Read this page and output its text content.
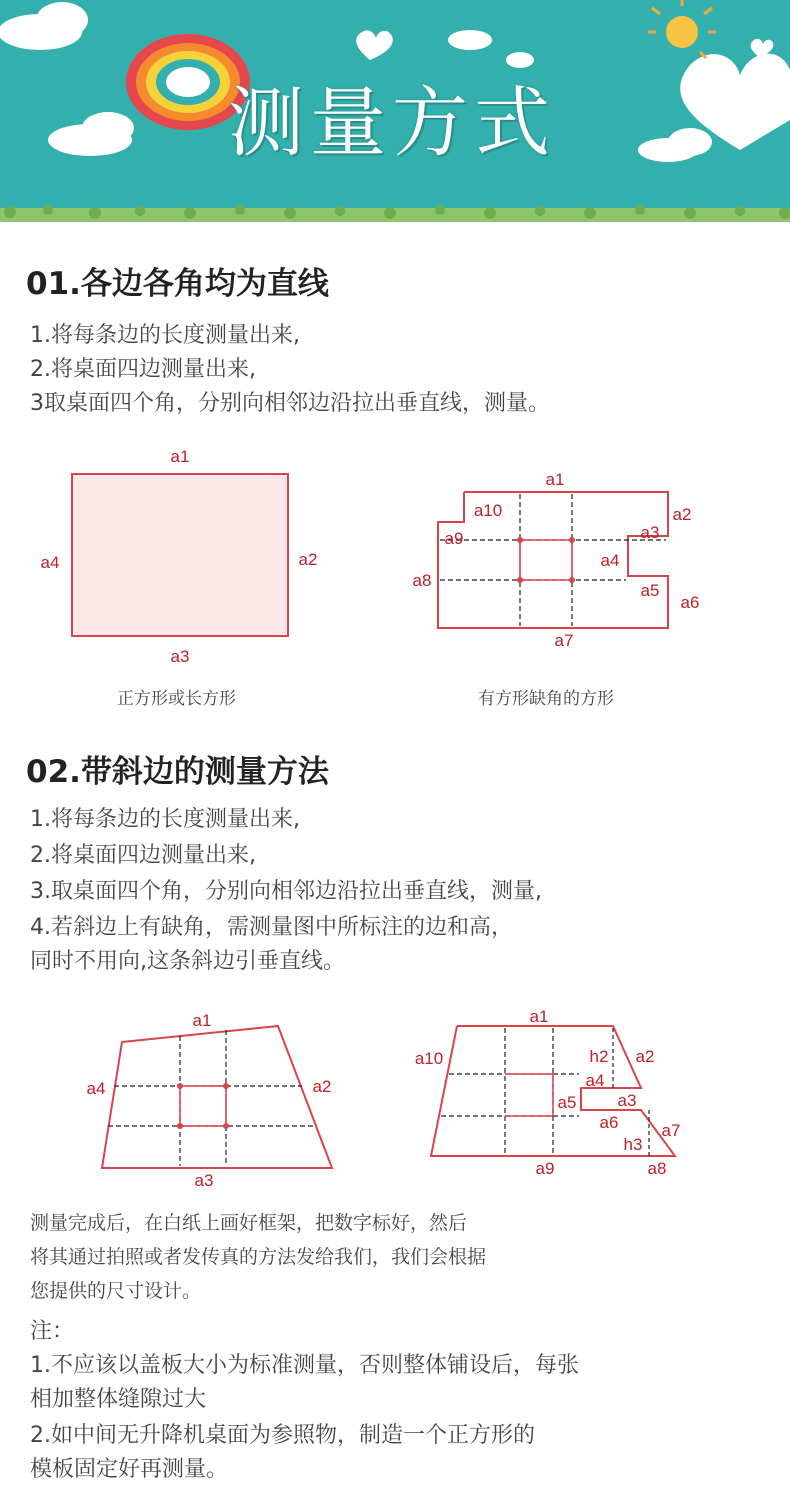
测量方式
01.各边各角均为直线
1.将每条边的长度测量出来,
2.将桌面四边测量出来,
3取桌面四个角，分别向相邻边沿拉出垂直线，测量。
a1
a2
a3
a4
正方形或长方形
a1
a2
a3
a4
a5
a6
a7
a8
a9
a10
有方形缺角的方形
02.带斜边的测量方法
1.将每条边的长度测量出来,
2.将桌面四边测量出来,
3.取桌面四个角，分别向相邻边沿拉出垂直线，测量,
4.若斜边上有缺角，需测量图中所标注的边和高，
同时不用向,这条斜边引垂直线。
a1
a2
a3
a4
a1
a2
a3
a4
a5
a6	a7
a8
a9
a10	h2
h3
测量完成后，在白纸上画好框架，把数字标好，然后
将其通过拍照或者发传真的方法发给我们，我们会根据
您提供的尺寸设计。
注：
1.不应该以盖板大小为标准测量，否则整体铺设后，每张
相加整体缝隙过大
2.如中间无升降机桌面为参照物，制造一个正方形的
模板固定好再测量。
